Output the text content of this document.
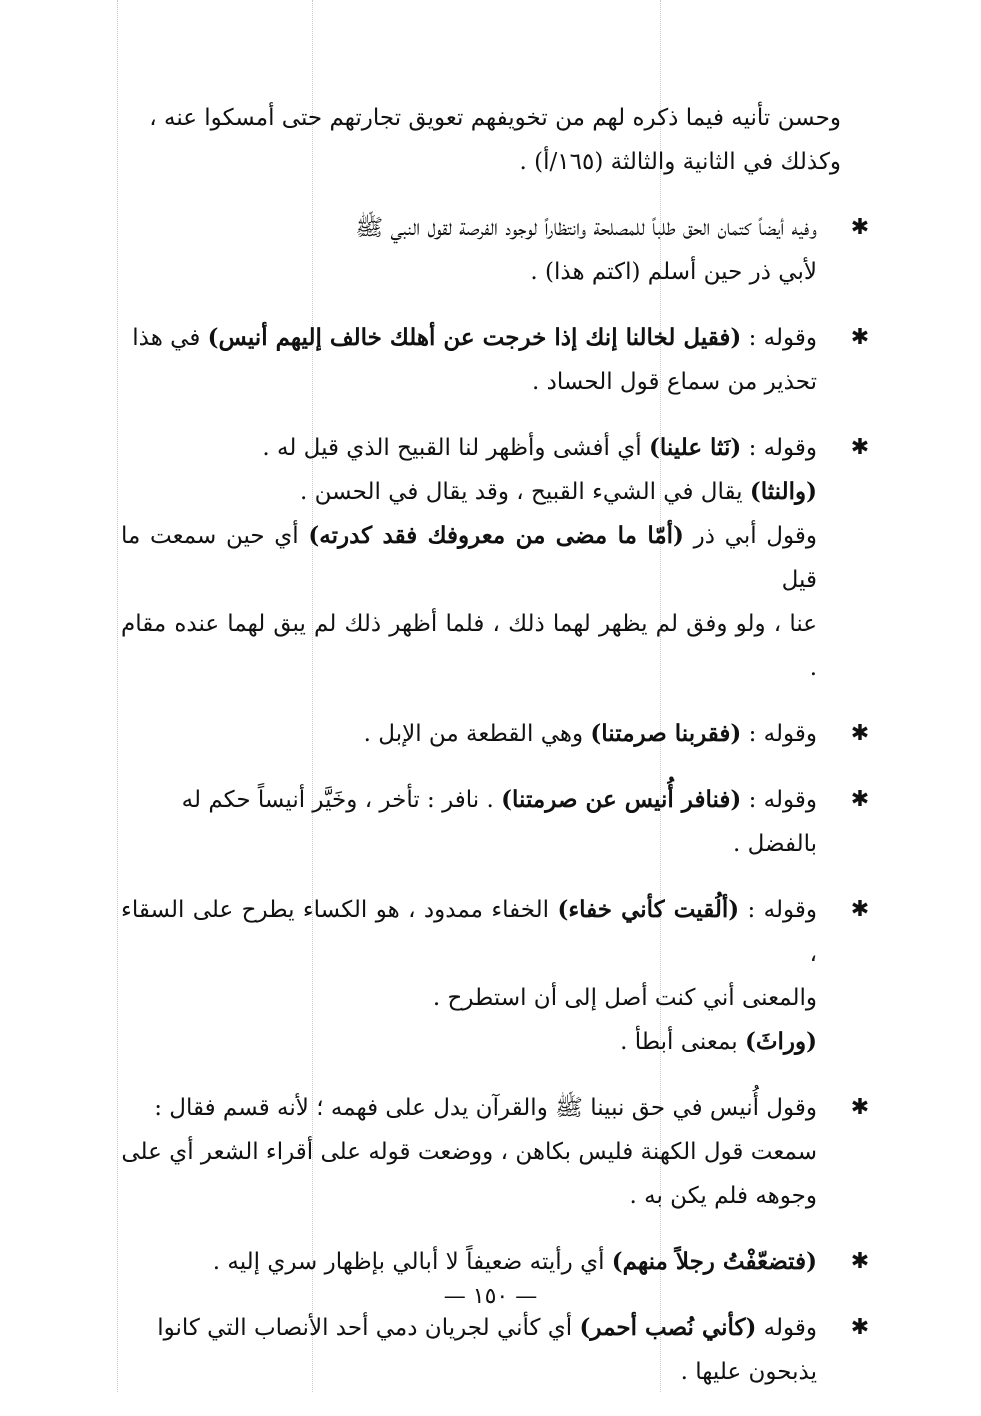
وحسن تأنيه فيما ذكره لهم من تخويفهم تعويق تجارتهم حتى أمسكوا عنه ،
وكذلك في الثانية والثالثة (١٦٥/أ) .

✱
وفيه أيضاً كتمان الحق طلباً للمصلحة وانتظاراً لوجود الفرصة لقول النبي ﷺ
لأبي ذر حين أسلم (اكتم هذا) .

✱
وقوله : (فقيل لخالنا إنك إذا خرجت عن أهلك خالف إليهم أنيس) في هذا
تحذير من سماع قول الحساد .

✱
وقوله : (نَثا علينا) أي أفشى وأظهر لنا القبيح الذي قيل له .
(والنثا) يقال في الشيء القبيح ، وقد يقال في الحسن .
وقول أبي ذر (أمّا ما مضى من معروفك فقد كدرته) أي حين سمعت ما قيل
عنا ، ولو وفق لم يظهر لهما ذلك ، فلما أظهر ذلك لم يبق لهما عنده مقام .

✱
وقوله : (فقربنا صرمتنا) وهي القطعة من الإبل .

✱
وقوله : (فنافر أُنيس عن صرمتنا) . نافر : تأخر ، وخَيَّر أنيساً حكم له
بالفضل .

✱
وقوله : (ألُقيت كأني خفاء) الخفاء ممدود ، هو الكساء يطرح على السقاء ،
والمعنى أني كنت أصل إلى أن استطرح .
(وراثَ) بمعنى أبطأ .

✱
وقول أُنيس في حق نبينا ﷺ والقرآن يدل على فهمه ؛ لأنه قسم فقال :
سمعت قول الكهنة فليس بكاهن ، ووضعت قوله على أقراء الشعر أي على
وجوهه فلم يكن به .

✱
(فتضعّفْتُ رجلاً منهم) أي رأيته ضعيفاً لا أبالي بإظهار سري إليه .

✱
وقوله (كأني نُصب أحمر) أي كأني لجريان دمي أحد الأنصاب التي كانوا
يذبحون عليها .

— ١٥٠ —
